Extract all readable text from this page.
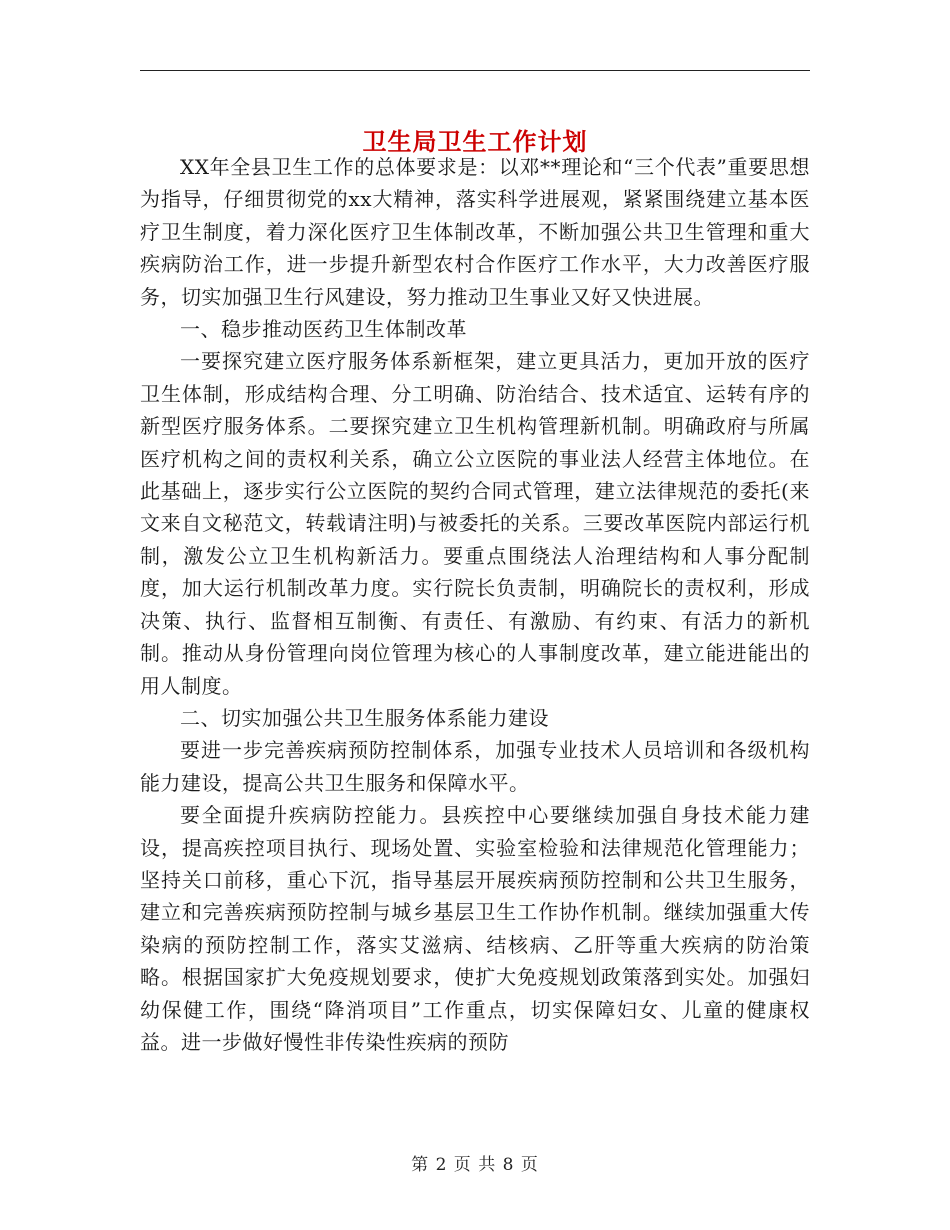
卫生局卫生工作计划

XX年全县卫生工作的总体要求是：以邓**理论和“三个代表”重要思想为指导，仔细贯彻党的xx大精神，落实科学进展观，紧紧围绕建立基本医疗卫生制度，着力深化医疗卫生体制改革，不断加强公共卫生管理和重大疾病防治工作，进一步提升新型农村合作医疗工作水平，大力改善医疗服务，切实加强卫生行风建设，努力推动卫生事业又好又快进展。

一、稳步推动医药卫生体制改革

一要探究建立医疗服务体系新框架，建立更具活力，更加开放的医疗卫生体制，形成结构合理、分工明确、防治结合、技术适宜、运转有序的新型医疗服务体系。二要探究建立卫生机构管理新机制。明确政府与所属医疗机构之间的责权利关系，确立公立医院的事业法人经营主体地位。在此基础上，逐步实行公立医院的契约合同式管理，建立法律规范的委托(来文来自文秘范文，转载请注明)与被委托的关系。三要改革医院内部运行机制，激发公立卫生机构新活力。要重点围绕法人治理结构和人事分配制度，加大运行机制改革力度。实行院长负责制，明确院长的责权利，形成决策、执行、监督相互制衡、有责任、有激励、有约束、有活力的新机制。推动从身份管理向岗位管理为核心的人事制度改革，建立能进能出的用人制度。

二、切实加强公共卫生服务体系能力建设

要进一步完善疾病预防控制体系，加强专业技术人员培训和各级机构能力建设，提高公共卫生服务和保障水平。

要全面提升疾病防控能力。县疾控中心要继续加强自身技术能力建设，提高疾控项目执行、现场处置、实验室检验和法律规范化管理能力；坚持关口前移，重心下沉，指导基层开展疾病预防控制和公共卫生服务，建立和完善疾病预防控制与城乡基层卫生工作协作机制。继续加强重大传染病的预防控制工作，落实艾滋病、结核病、乙肝等重大疾病的防治策略。根据国家扩大免疫规划要求，使扩大免疫规划政策落到实处。加强妇幼保健工作，围绕“降消项目”工作重点，切实保障妇女、儿童的健康权益。进一步做好慢性非传染性疾病的预防

第 2 页 共 8 页
